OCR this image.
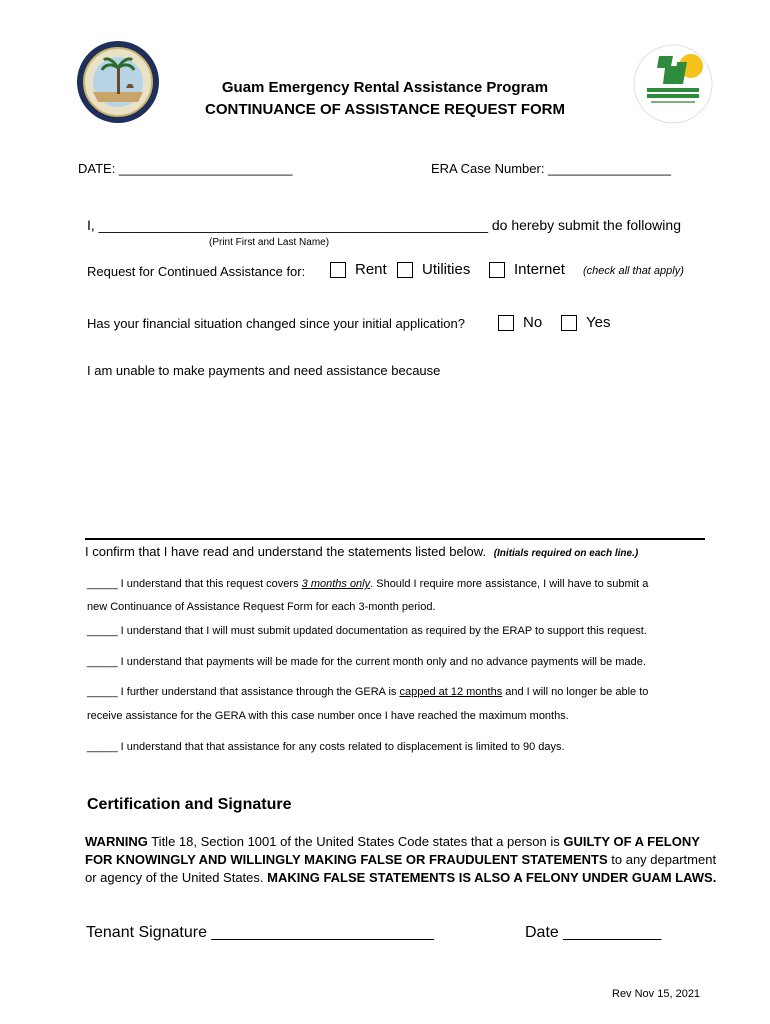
Guam Emergency Rental Assistance Program
CONTINUANCE OF ASSISTANCE REQUEST FORM
DATE: ________________________	ERA Case Number: _________________
I, __________________________________________________ do hereby submit the following
(Print First and Last Name)
Request for Continued Assistance for:	Rent Utilities	Internet (check all that apply)
Has your financial situation changed since your initial application?	No	Yes
I am unable to make payments and need assistance because
I confirm that I have read and understand the statements listed below. (Initials required on each line.)
_____ I understand that this request covers 3 months only. Should I require more assistance, I will have to submit a
new Continuance of Assistance Request Form for each 3-month period.
_____ I understand that I will must submit updated documentation as required by the ERAP to support this request.
_____ I understand that payments will be made for the current month only and no advance payments will be made.
_____ I further understand that assistance through the GERA is capped at 12 months and I will no longer be able to
receive assistance for the GERA with this case number once I have reached the maximum months.
_____ I understand that that assistance for any costs related to displacement is limited to 90 days.
Certification and Signature
WARNING Title 18, Section 1001 of the United States Code states that a person is GUILTY OF A FELONY
FOR KNOWINGLY AND WILLINGLY MAKING FALSE OR FRAUDULENT STATEMENTS to any department
or agency of the United States. MAKING FALSE STATEMENTS IS ALSO A FELONY UNDER GUAM LAWS.
Tenant Signature _________________________	Date ___________
Rev Nov 15, 2021
